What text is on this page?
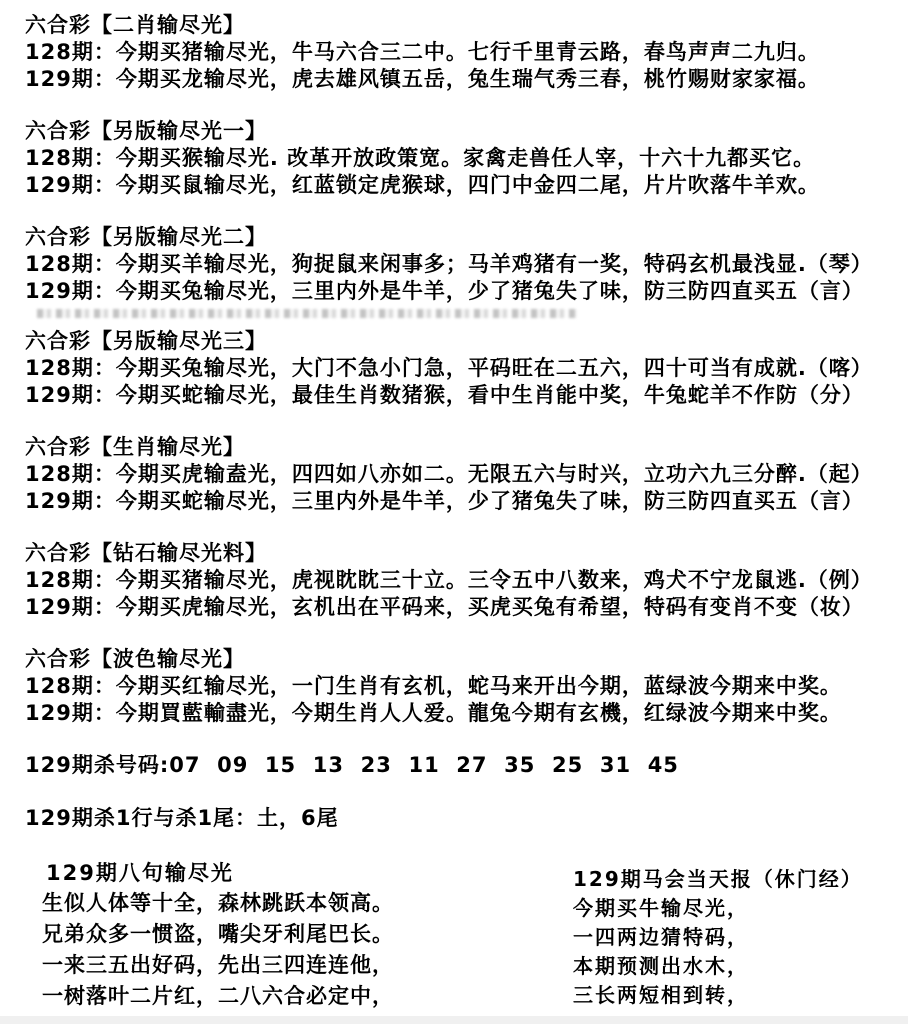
六合彩【二肖输尽光】

128期：今期买猪输尽光，牛马六合三二中。七行千里青云路，春鸟声声二九归。

129期：今期买龙输尽光，虎去雄风镇五岳，兔生瑞气秀三春，桃竹赐财家家福。

六合彩【另版输尽光一】

128期：今期买猴输尽光. 改革开放政策宽。家禽走兽任人宰，十六十九都买它。

129期：今期买鼠输尽光，红蓝锁定虎猴球，四门中金四二尾，片片吹落牛羊欢。

六合彩【另版输尽光二】

128期：今期买羊输尽光，狗捉鼠来闲事多；马羊鸡猪有一奖，特码玄机最浅显.（琴）

129期：今期买兔输尽光，三里内外是牛羊，少了猪兔失了味，防三防四直买五（言）

六合彩【另版输尽光三】

128期：今期买兔输尽光，大门不急小门急，平码旺在二五六，四十可当有成就.（喀）

129期：今期买蛇输尽光，最佳生肖数猪猴，看中生肖能中奖，牛兔蛇羊不作防（分）

六合彩【生肖输尽光】

128期：今期买虎输盍光，四四如八亦如二。无限五六与时兴，立功六九三分醉.（起）

129期：今期买蛇输尽光，三里内外是牛羊，少了猪兔失了味，防三防四直买五（言）

六合彩【钻石输尽光料】

128期：今期买猪输尽光，虎视眈眈三十立。三令五中八数来，鸡犬不宁龙鼠逃.（例）

129期：今期买虎输尽光，玄机出在平码来，买虎买兔有希望，特码有变肖不变（妆）

六合彩【波色输尽光】

128期：今期买红输尽光，一门生肖有玄机，蛇马来开出今期，蓝绿波今期来中奖。

129期：今期買藍輸盡光，今期生肖人人爱。龍兔今期有玄機，红绿波今期来中奖。

129期杀号码:07  09  15  13  23  11  27  35  25  31  45

129期杀1行与杀1尾：土，6尾

129期八句输尽光

生似人体等十全，森林跳跃本领高。

兄弟众多一惯盗，嘴尖牙利尾巴长。

一来三五出好码，先出三四连连他，

一树落叶二片红，二八六合必定中，

129期马会当天报（休门经）

今期买牛输尽光，

一四两边猜特码，

本期预测出水木，

三长两短相到转，
